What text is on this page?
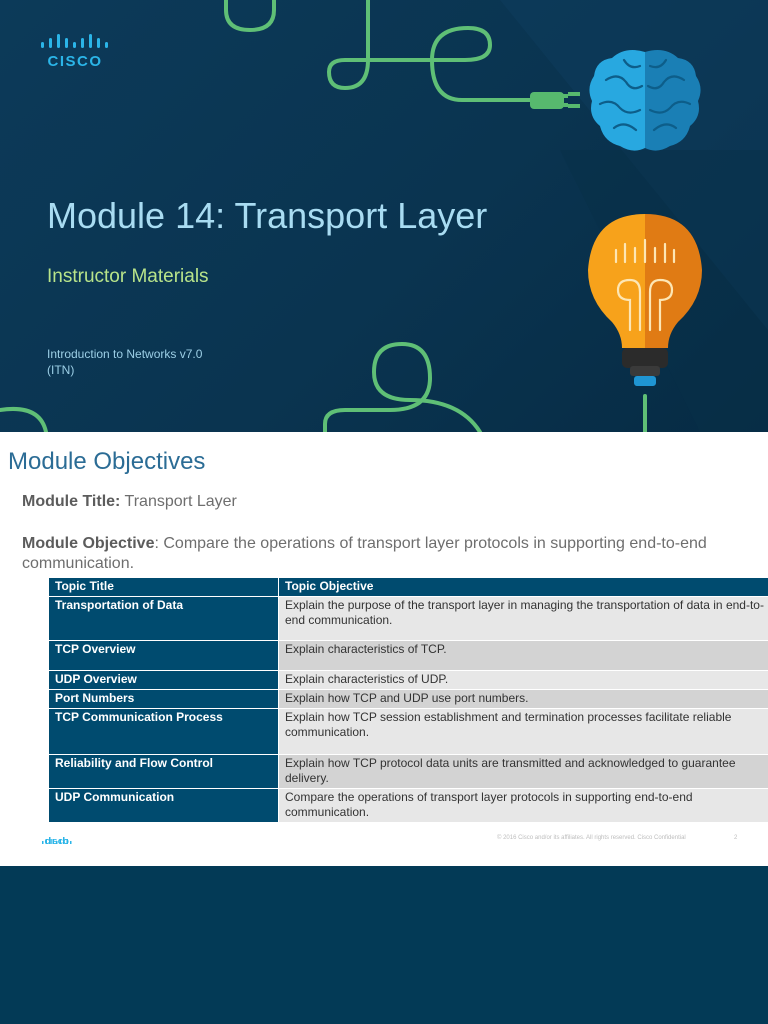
CISCO
Module 14: Transport Layer
Instructor Materials
Introduction to Networks v7.0
(ITN)
Module Objectives
Module Title: Transport Layer
Module Objective: Compare the operations of transport layer protocols in supporting end-to-end communication.
Topic Title	Topic Objective
Transportation of Data	Explain the purpose of the transport layer in managing the transportation of data in end-to-end communication.
TCP Overview	Explain characteristics of TCP.
UDP Overview	Explain characteristics of UDP.
Port Numbers	Explain how TCP and UDP use port numbers.
TCP Communication Process	Explain how TCP session establishment and termination processes facilitate reliable communication.
Reliability and Flow Control	Explain how TCP protocol data units are transmitted and acknowledged to guarantee delivery.
UDP Communication	Compare the operations of transport layer protocols in supporting end-to-end communication.
CISCO
© 2016 Cisco and/or its affiliates. All rights reserved. Cisco Confidential	2
